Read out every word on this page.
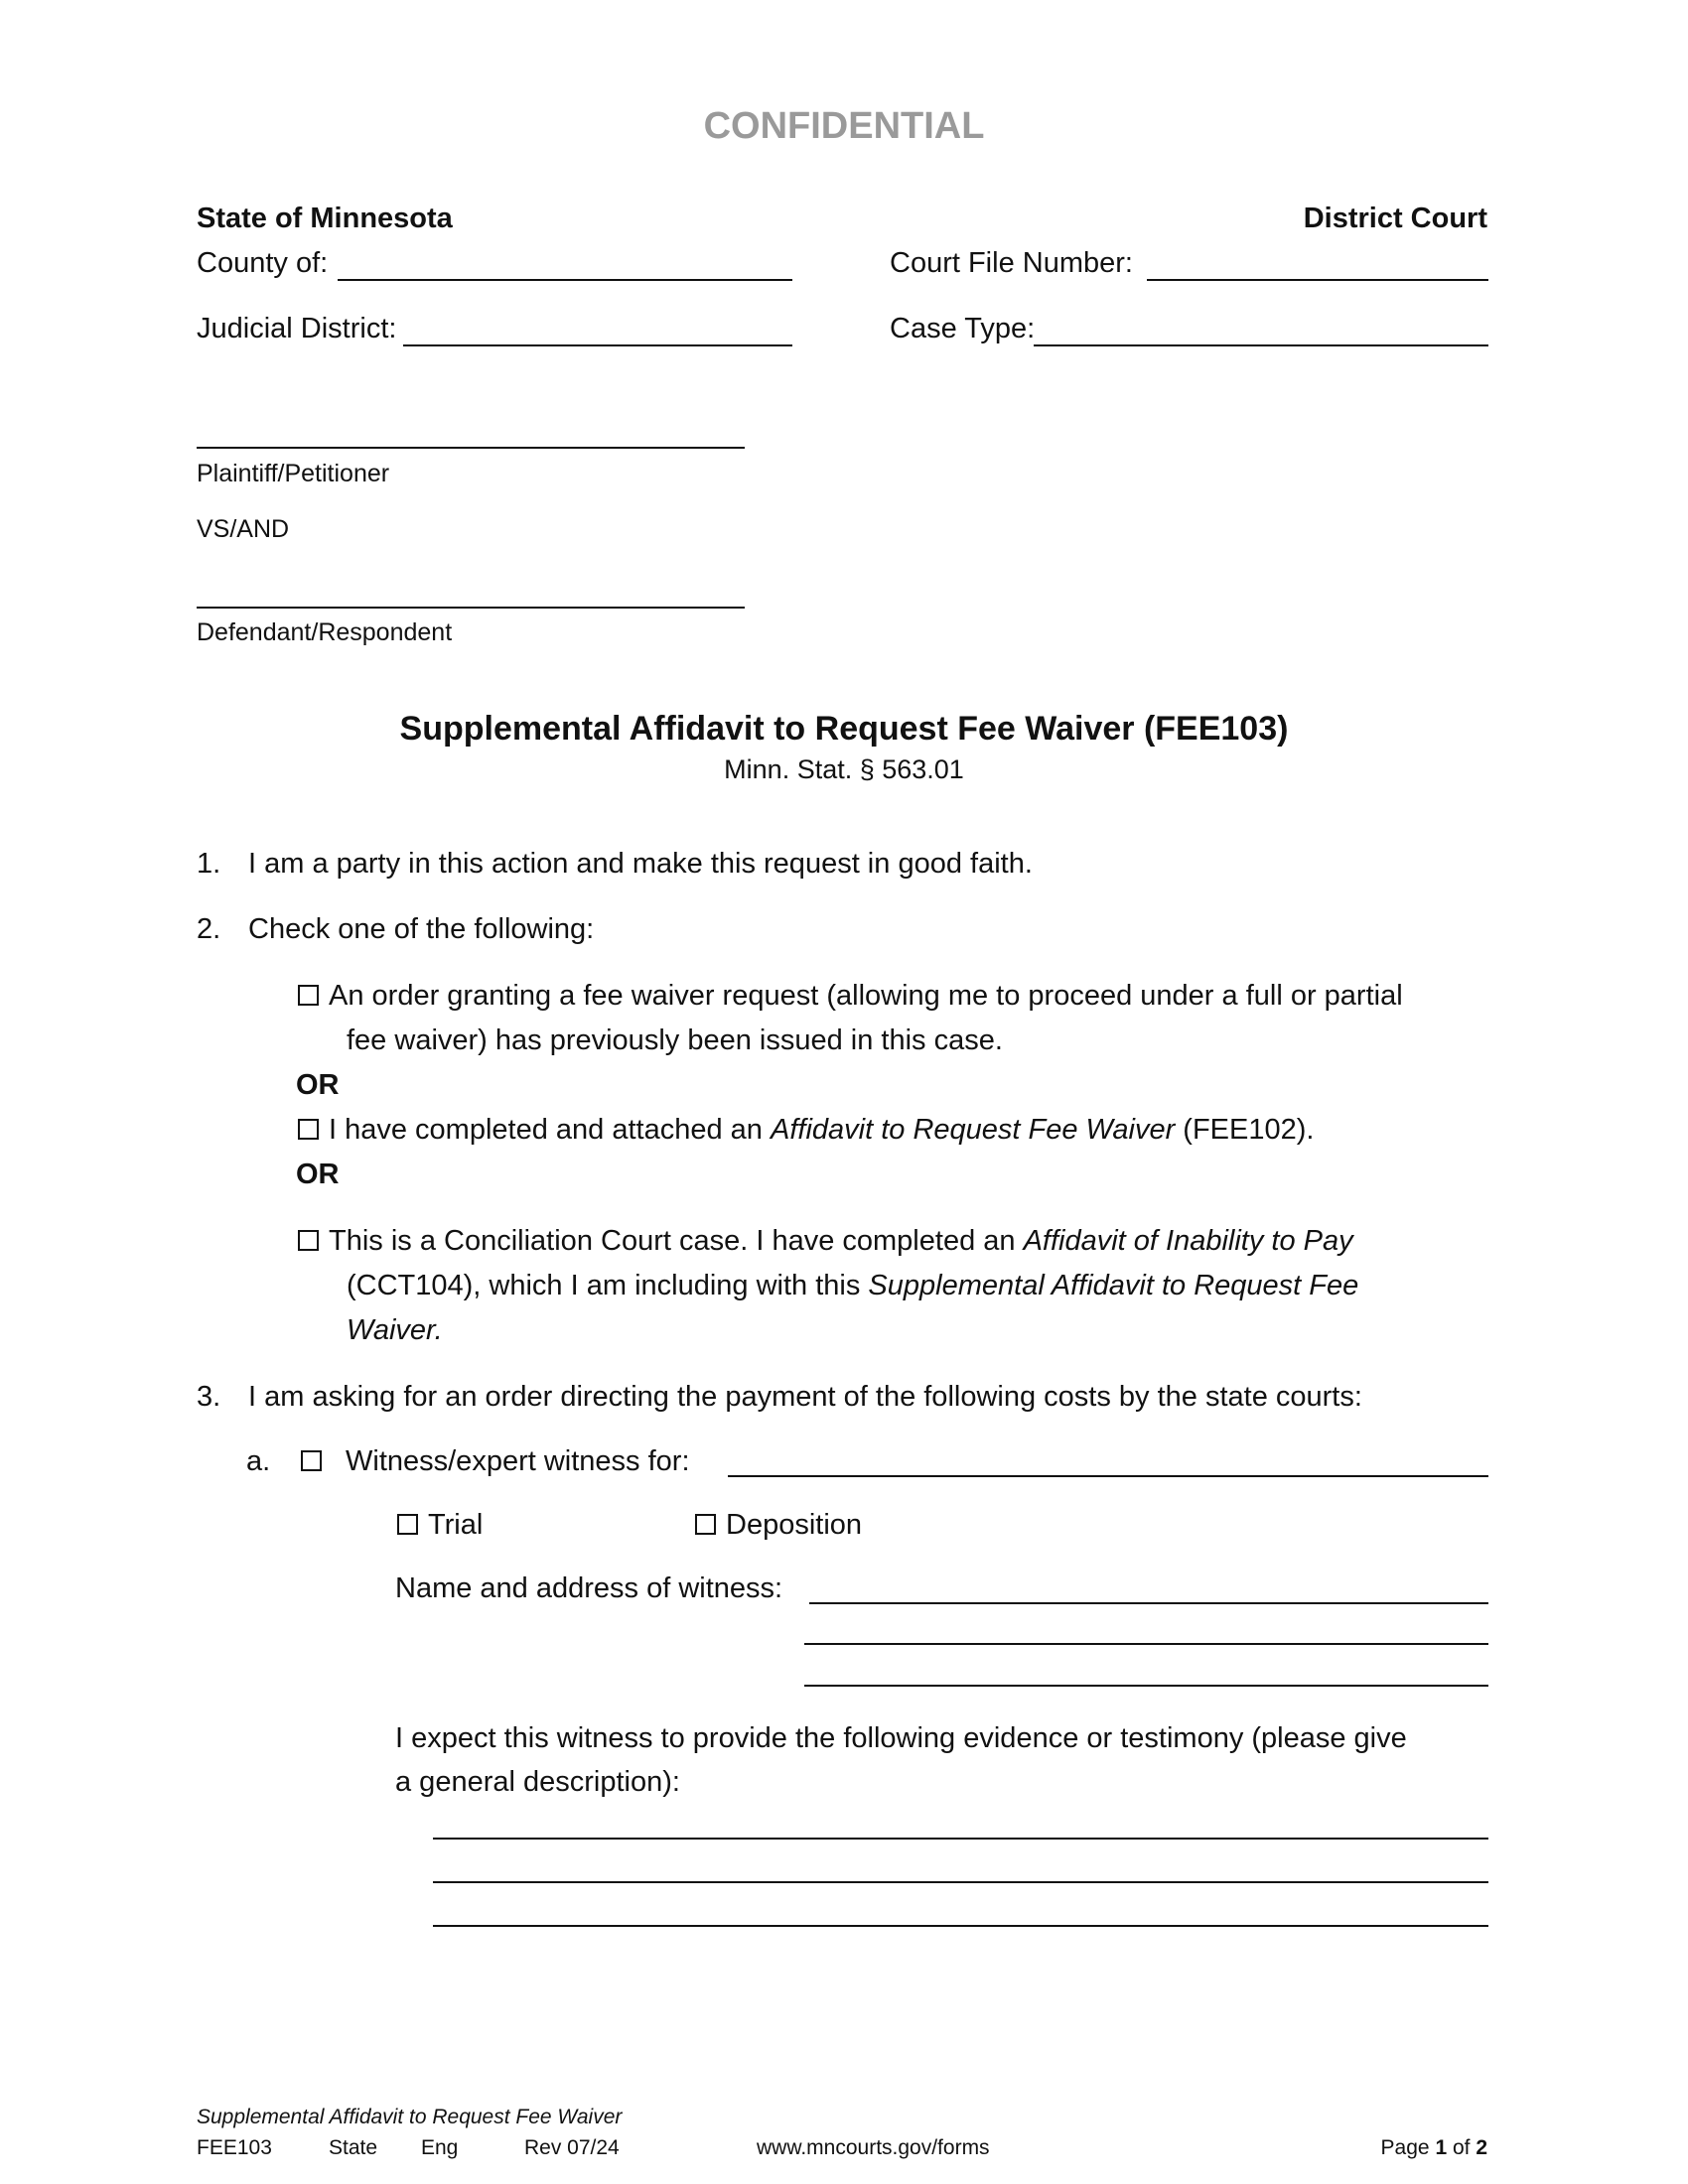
CONFIDENTIAL
State of Minnesota	District Court
County of:	Court File Number:
Judicial District:	Case Type:
Plaintiff/Petitioner
VS/AND
Defendant/Respondent
Supplemental Affidavit to Request Fee Waiver (FEE103)
Minn. Stat. § 563.01
1. I am a party in this action and make this request in good faith.
2. Check one of the following:
An order granting a fee waiver request (allowing me to proceed under a full or partial
fee waiver) has previously been issued in this case.
OR
I have completed and attached an Affidavit to Request Fee Waiver (FEE102).
OR
This is a Conciliation Court case. I have completed an Affidavit of Inability to Pay
(CCT104), which I am including with this Supplemental Affidavit to Request Fee
Waiver.
3. I am asking for an order directing the payment of the following costs by the state courts:
a.	Witness/expert witness for:
Trial	Deposition
Name and address of witness:
I expect this witness to provide the following evidence or testimony (please give
a general description):
Supplemental Affidavit to Request Fee Waiver
FEE103	State Eng	Rev 07/24	www.mncourts.gov/forms	Page 1 of 2
